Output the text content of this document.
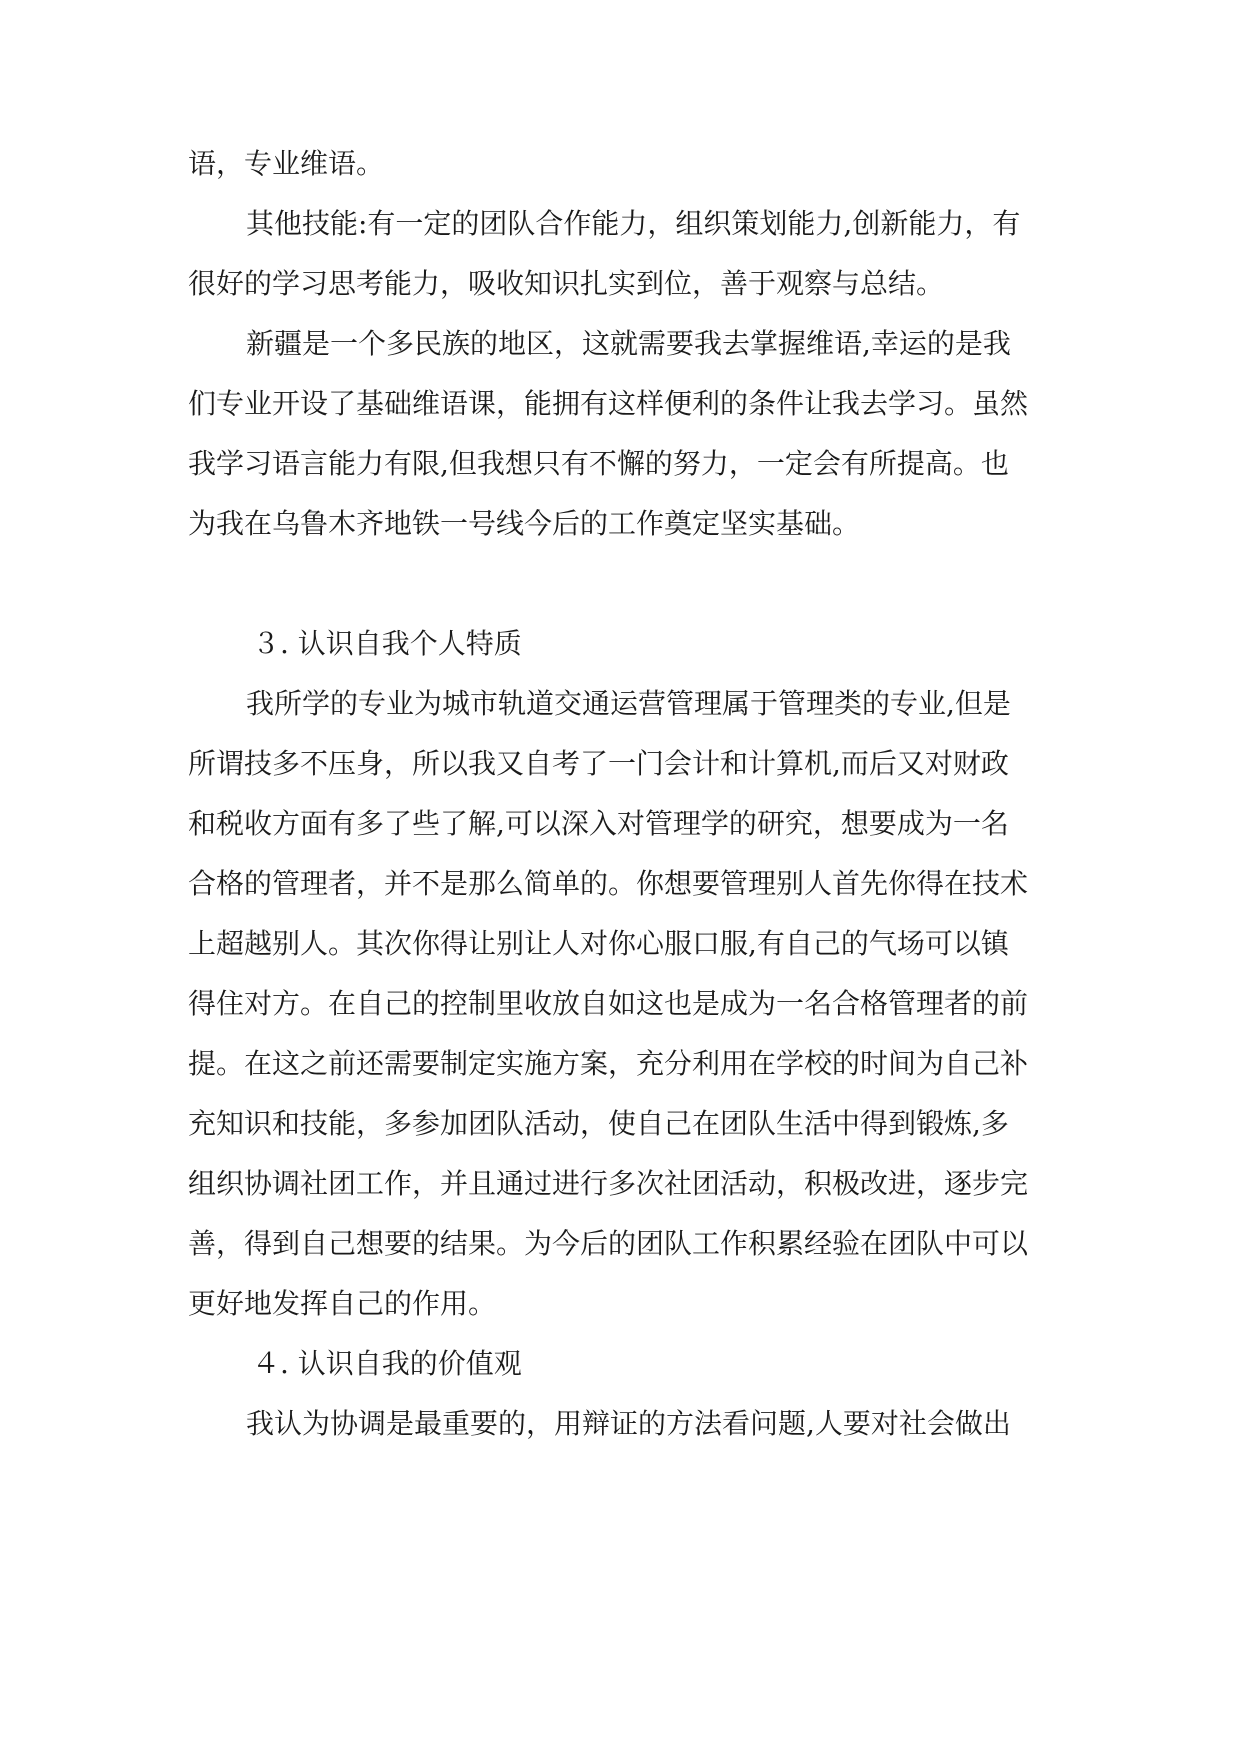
语，专业维语。
其他技能:有一定的团队合作能力，组织策划能力,创新能力，有
很好的学习思考能力，吸收知识扎实到位，善于观察与总结。
新疆是一个多民族的地区，这就需要我去掌握维语,幸运的是我
们专业开设了基础维语课，能拥有这样便利的条件让我去学习。虽然
我学习语言能力有限,但我想只有不懈的努力，一定会有所提高。也
为我在乌鲁木齐地铁一号线今后的工作奠定坚实基础。
３. 认识自我个人特质
我所学的专业为城市轨道交通运营管理属于管理类的专业,但是
所谓技多不压身，所以我又自考了一门会计和计算机,而后又对财政
和税收方面有多了些了解,可以深入对管理学的研究，想要成为一名
合格的管理者，并不是那么简单的。你想要管理别人首先你得在技术
上超越别人。其次你得让别让人对你心服口服,有自己的气场可以镇
得住对方。在自己的控制里收放自如这也是成为一名合格管理者的前
提。在这之前还需要制定实施方案，充分利用在学校的时间为自己补
充知识和技能，多参加团队活动，使自己在团队生活中得到锻炼,多
组织协调社团工作，并且通过进行多次社团活动，积极改进，逐步完
善，得到自己想要的结果。为今后的团队工作积累经验在团队中可以
更好地发挥自己的作用。
４. 认识自我的价值观
我认为协调是最重要的，用辩证的方法看问题,人要对社会做出
